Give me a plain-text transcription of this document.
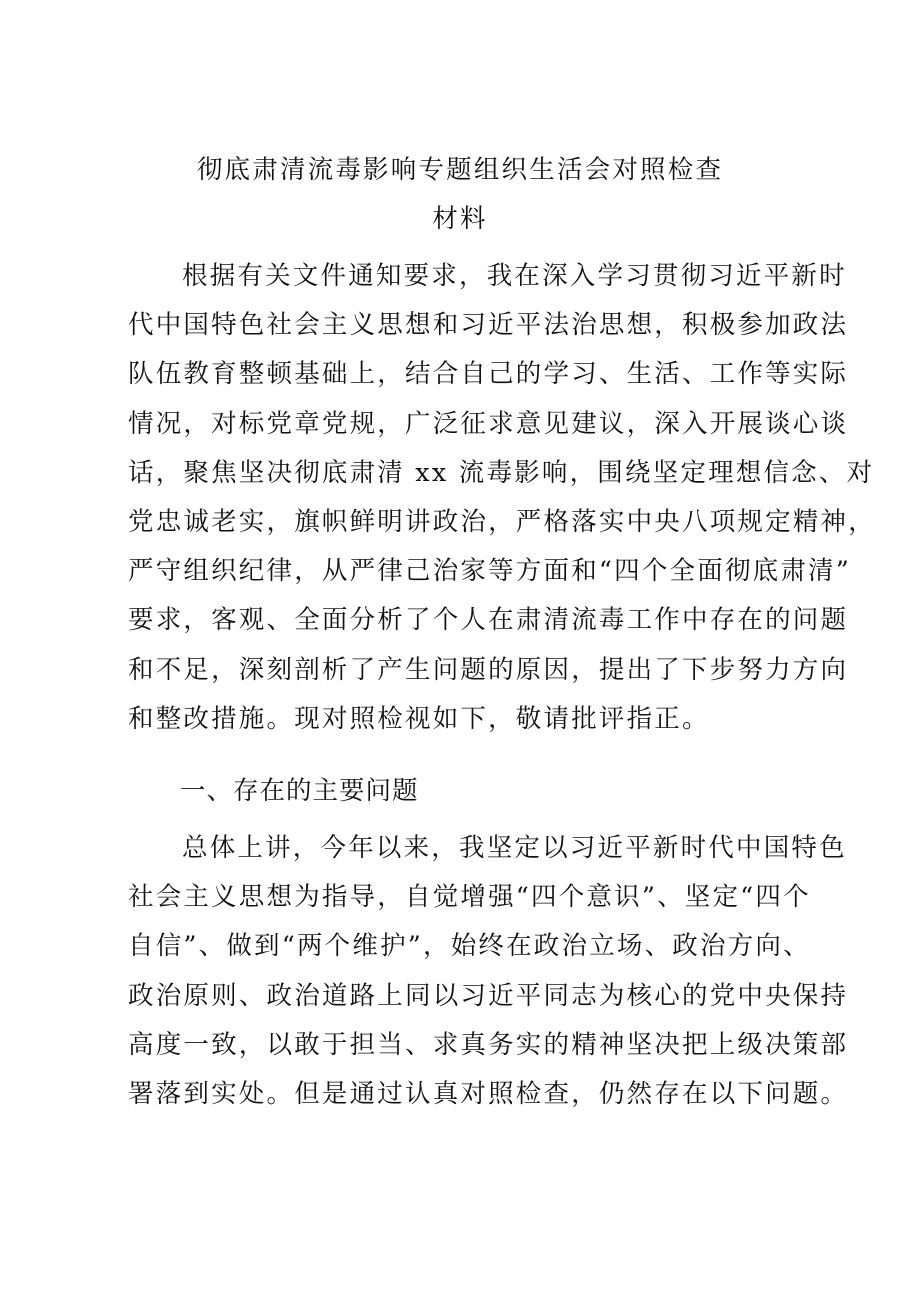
彻底肃清流毒影响专题组织生活会对照检查
材料
根据有关文件通知要求，我在深入学习贯彻习近平新时
代中国特色社会主义思想和习近平法治思想，积极参加政法
队伍教育整顿基础上，结合自己的学习、生活、工作等实际
情况，对标党章党规，广泛征求意见建议，深入开展谈心谈
话，聚焦坚决彻底肃清 xx 流毒影响，围绕坚定理想信念、对
党忠诚老实，旗帜鲜明讲政治，严格落实中央八项规定精神，
严守组织纪律，从严律己治家等方面和“四个全面彻底肃清”
要求，客观、全面分析了个人在肃清流毒工作中存在的问题
和不足，深刻剖析了产生问题的原因，提出了下步努力方向
和整改措施。现对照检视如下，敬请批评指正。
一、存在的主要问题
总体上讲，今年以来，我坚定以习近平新时代中国特色
社会主义思想为指导，自觉增强“四个意识”、坚定“四个
自信”、做到“两个维护”，始终在政治立场、政治方向、
政治原则、政治道路上同以习近平同志为核心的党中央保持
高度一致，以敢于担当、求真务实的精神坚决把上级决策部
署落到实处。但是通过认真对照检查，仍然存在以下问题。
